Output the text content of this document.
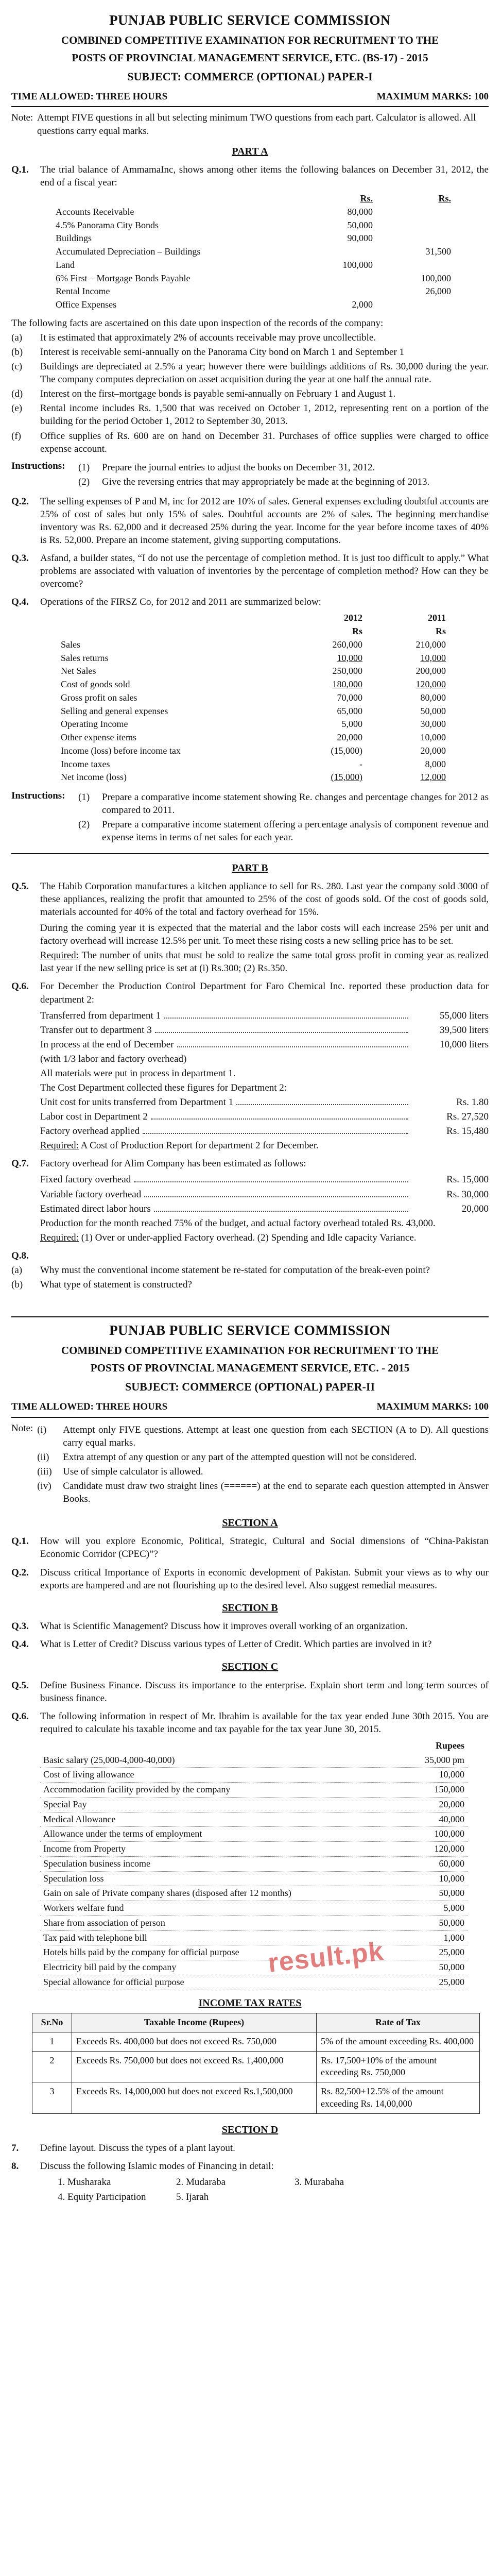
PUNJAB PUBLIC SERVICE COMMISSION
COMBINED COMPETITIVE EXAMINATION FOR RECRUITMENT TO THE
POSTS OF PROVINCIAL MANAGEMENT SERVICE, ETC. (BS-17) - 2015
SUBJECT: COMMERCE (OPTIONAL) PAPER-I
TIME ALLOWED: THREE HOURS	MAXIMUM MARKS: 100
Note: Attempt FIVE questions in all but selecting minimum TWO questions from each part. Calculator is allowed. All questions carry equal marks.
PART A
Q.1.	The trial balance of AmmamaInc, shows among other items the following balances on December 31, 2012, the end of a fiscal year:
	Rs.	Rs.
Accounts Receivable	80,000	
4.5% Panorama City Bonds	50,000	
Buildings	90,000	
Accumulated Depreciation – Buildings		31,500
Land	100,000	
6% First – Mortgage Bonds Payable		100,000
Rental Income		26,000
Office Expenses	2,000	
The following facts are ascertained on this date upon inspection of the records of the company:
(a)	It is estimated that approximately 2% of accounts receivable may prove uncollectible.
(b)	Interest is receivable semi-annually on the Panorama City bond on March 1 and September 1
(c)	Buildings are depreciated at 2.5% a year; however there were buildings additions of Rs. 30,000 during the year. The company computes depreciation on asset acquisition during the year at one half the annual rate.
(d)	Interest on the first–mortgage bonds is payable semi-annually on February 1 and August 1.
(e)	Rental income includes Rs. 1,500 that was received on October 1, 2012, representing rent on a portion of the building for the period October 1, 2012 to September 30, 2013.
(f)	Office supplies of Rs. 600 are on hand on December 31. Purchases of office supplies were charged to office expense account.
Instructions:	(1)	Prepare the journal entries to adjust the books on December 31, 2012.
(2)	Give the reversing entries that may appropriately be made at the beginning of 2013.
Q.2.	The selling expenses of P and M, inc for 2012 are 10% of sales. General expenses excluding doubtful accounts are 25% of cost of sales but only 15% of sales. Doubtful accounts are 2% of sales. The beginning merchandise inventory was Rs. 62,000 and it decreased 25% during the year. Income for the year before income taxes of 40% is Rs. 52,000. Prepare an income statement, giving supporting computations.
Q.3.	Asfand, a builder states, “I do not use the percentage of completion method. It is just too difficult to apply.” What problems are associated with valuation of inventories by the percentage of completion method? How can they be overcome?
Q.4.	Operations of the FIRSZ Co, for 2012 and 2011 are summarized below:
	2012	2011
	Rs	Rs
Sales	260,000	210,000
Sales returns	10,000	10,000
Net Sales	250,000	200,000
Cost of goods sold	180,000	120,000
Gross profit on sales	70,000	80,000
Selling and general expenses	65,000	50,000
Operating Income	5,000	30,000
Other expense items	20,000	10,000
Income (loss) before income tax	(15,000)	20,000
Income taxes	-	8,000
Net income (loss)	(15,000)	12,000
Instructions:	(1)	Prepare a comparative income statement showing Re. changes and percentage changes for 2012 as compared to 2011.
(2)	Prepare a comparative income statement offering a percentage analysis of component revenue and expense items in terms of net sales for each year.
PART B
Q.5.	The Habib Corporation manufactures a kitchen appliance to sell for Rs. 280. Last year the company sold 3000 of these appliances, realizing the profit that amounted to 25% of the cost of goods sold. Of the cost of goods sold, materials accounted for 40% of the total and factory overhead for 15%.
During the coming year it is expected that the material and the labor costs will each increase 25% per unit and factory overhead will increase 12.5% per unit. To meet these rising costs a new selling price has to be set.
Required: The number of units that must be sold to realize the same total gross profit in coming year as realized last year if the new selling price is set at (i) Rs.300; (2) Rs.350.
Q.6.	For December the Production Control Department for Faro Chemical Inc. reported these production data for department 2:
Transferred from department 1	55,000 liters
Transfer out to department 3	39,500 liters
In process at the end of December	10,000 liters
(with 1/3 labor and factory overhead)
All materials were put in process in department 1.
The Cost Department collected these figures for Department 2:
Unit cost for units transferred from Department 1	Rs. 1.80
Labor cost in Department 2	Rs. 27,520
Factory overhead applied	Rs. 15,480
Required: A Cost of Production Report for department 2 for December.
Q.7.	Factory overhead for Alim Company has been estimated as follows:
Fixed factory overhead	Rs. 15,000
Variable factory overhead	Rs. 30,000
Estimated direct labor hours	20,000
Production for the month reached 75% of the budget, and actual factory overhead totaled Rs. 43,000.
Required: (1) Over or under-applied Factory overhead. (2) Spending and Idle capacity Variance.
Q.8.
(a)	Why must the conventional income statement be re-stated for computation of the break-even point?
(b)	What type of statement is constructed?
PUNJAB PUBLIC SERVICE COMMISSION
COMBINED COMPETITIVE EXAMINATION FOR RECRUITMENT TO THE
POSTS OF PROVINCIAL MANAGEMENT SERVICE, ETC. - 2015
SUBJECT: COMMERCE (OPTIONAL) PAPER-II
TIME ALLOWED: THREE HOURS	MAXIMUM MARKS: 100
Note: (i)	Attempt only FIVE questions. Attempt at least one question from each SECTION (A to D). All questions carry equal marks.
(ii)	Extra attempt of any question or any part of the attempted question will not be considered.
(iii)	Use of simple calculator is allowed.
(iv)	Candidate must draw two straight lines (======) at the end to separate each question attempted in Answer Books.
SECTION A
Q.1.	How will you explore Economic, Political, Strategic, Cultural and Social dimensions of “China-Pakistan Economic Corridor (CPEC)”?
Q.2.	Discuss critical Importance of Exports in economic development of Pakistan. Submit your views as to why our exports are hampered and are not flourishing up to the desired level. Also suggest remedial measures.
SECTION B
Q.3.	What is Scientific Management? Discuss how it improves overall working of an organization.
Q.4.	What is Letter of Credit? Discuss various types of Letter of Credit. Which parties are involved in it?
SECTION C
Q.5.	Define Business Finance. Discuss its importance to the enterprise. Explain short term and long term sources of business finance.
Q.6.	The following information in respect of Mr. Ibrahim is available for the tax year ended June 30th 2015. You are required to calculate his taxable income and tax payable for the tax year June 30, 2015.
	Rupees
Basic salary (25,000-4,000-40,000)	35,000 pm
Cost of living allowance	10,000
Accommodation facility provided by the company	150,000
Special Pay	20,000
Medical Allowance	40,000
Allowance under the terms of employment	100,000
Income from Property	120,000
Speculation business income	60,000
Speculation loss	10,000
Gain on sale of Private company shares (disposed after 12 months)	50,000
Workers welfare fund	5,000
Share from association of person	50,000
Tax paid with telephone bill	1,000
Hotels bills paid by the company for official purpose	25,000
Electricity bill paid by the company	50,000
Special allowance for official purpose	25,000
INCOME TAX RATES
Sr.No	Taxable Income (Rupees)	Rate of Tax
1	Exceeds Rs. 400,000 but does not exceed Rs. 750,000	5% of the amount exceeding Rs. 400,000
2	Exceeds Rs. 750,000 but does not exceed Rs. 1,400,000	Rs. 17,500+10% of the amount exceeding Rs. 750,000
3	Exceeds Rs. 14,000,000 but does not exceed Rs.1,500,000	Rs. 82,500+12.5% of the amount exceeding Rs. 14,00,000
SECTION D
7.	Define layout. Discuss the types of a plant layout.
8.	Discuss the following Islamic modes of Financing in detail:
1. Musharaka	2. Mudaraba	3. Murabaha
4. Equity Participation	5. Ijarah
result.pk
